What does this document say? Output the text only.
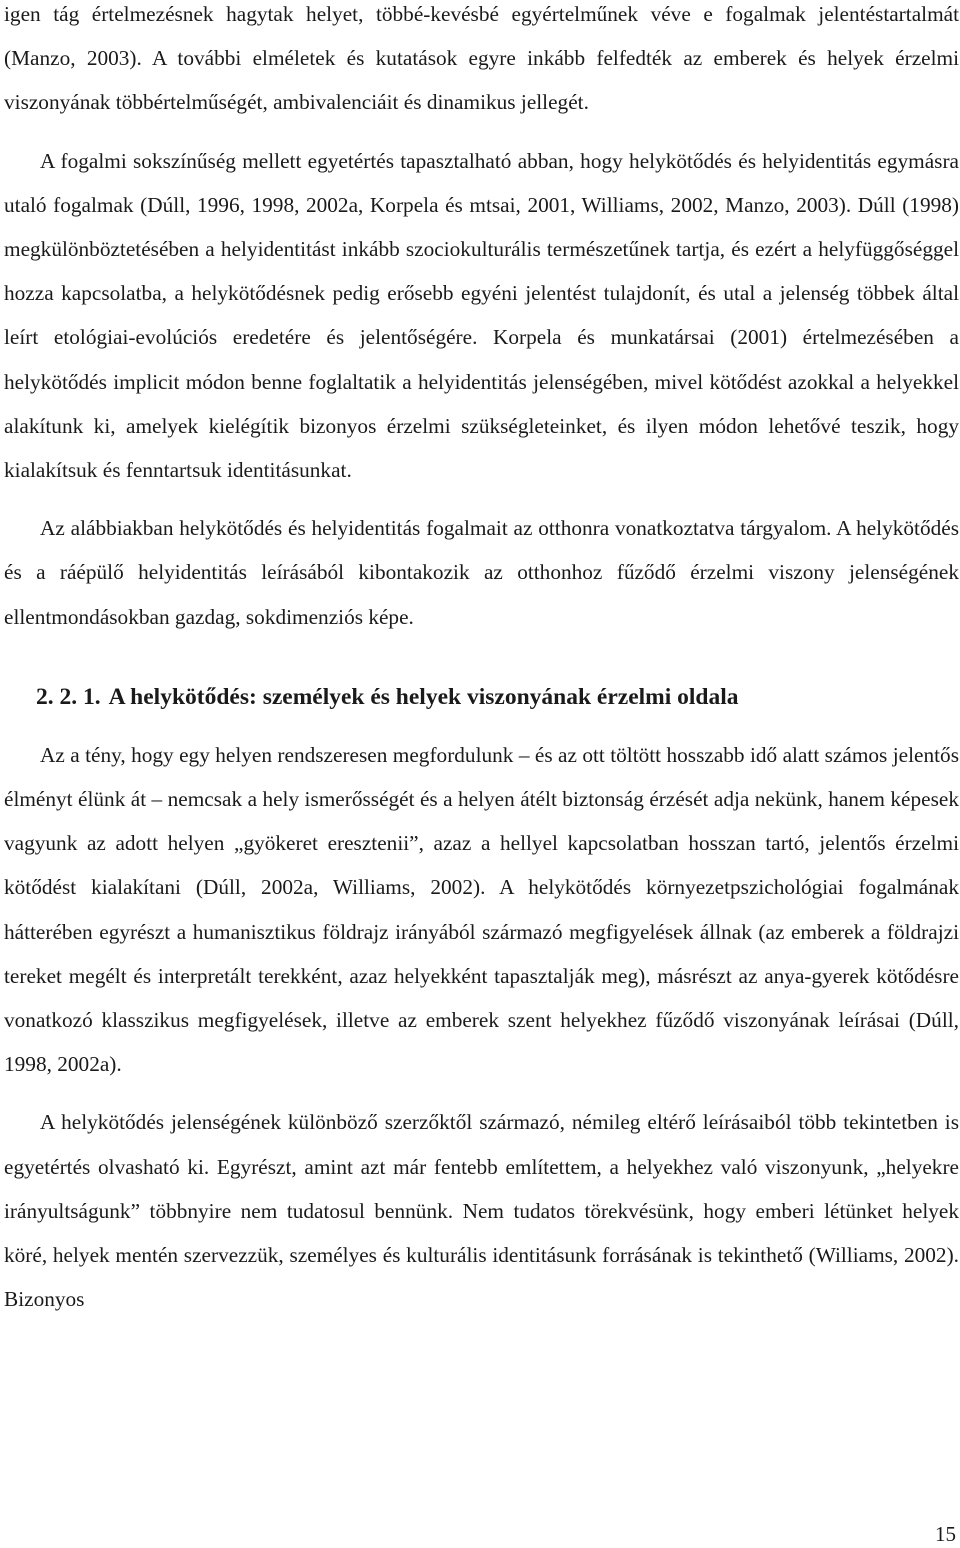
igen tág értelmezésnek hagytak helyet, többé-kevésbé egyértelműnek véve e fogalmak jelentéstartalmát (Manzo, 2003). A további elméletek és kutatások egyre inkább felfedték az emberek és helyek érzelmi viszonyának többértelműségét, ambivalenciáit és dinamikus jellegét.

A fogalmi sokszínűség mellett egyetértés tapasztalható abban, hogy helykötődés és helyidentitás egymásra utaló fogalmak (Dúll, 1996, 1998, 2002a, Korpela és mtsai, 2001, Williams, 2002, Manzo, 2003). Dúll (1998) megkülönböztetésében a helyidentitást inkább szociokulturális természetűnek tartja, és ezért a helyfüggőséggel hozza kapcsolatba, a helykötődésnek pedig erősebb egyéni jelentést tulajdonít, és utal a jelenség többek által leírt etológiai-evolúciós eredetére és jelentőségére. Korpela és munkatársai (2001) értelmezésében a helykötődés implicit módon benne foglaltatik a helyidentitás jelenségében, mivel kötődést azokkal a helyekkel alakítunk ki, amelyek kielégítik bizonyos érzelmi szükségleteinket, és ilyen módon lehetővé teszik, hogy kialakítsuk és fenntartsuk identitásunkat.

Az alábbiakban helykötődés és helyidentitás fogalmait az otthonra vonatkoztatva tárgyalom. A helykötődés és a ráépülő helyidentitás leírásából kibontakozik az otthonhoz fűződő érzelmi viszony jelenségének ellentmondásokban gazdag, sokdimenziós képe.

2. 2. 1. A helykötődés: személyek és helyek viszonyának érzelmi oldala

Az a tény, hogy egy helyen rendszeresen megfordulunk – és az ott töltött hosszabb idő alatt számos jelentős élményt élünk át – nemcsak a hely ismerősségét és a helyen átélt biztonság érzését adja nekünk, hanem képesek vagyunk az adott helyen „gyökeret eresztenii”, azaz a hellyel kapcsolatban hosszan tartó, jelentős érzelmi kötődést kialakítani (Dúll, 2002a, Williams, 2002). A helykötődés környezetpszichológiai fogalmának hátterében egyrészt a humanisztikus földrajz irányából származó megfigyelések állnak (az emberek a földrajzi tereket megélt és interpretált terekként, azaz helyekként tapasztalják meg), másrészt az anya-gyerek kötődésre vonatkozó klasszikus megfigyelések, illetve az emberek szent helyekhez fűződő viszonyának leírásai (Dúll, 1998, 2002a).

A helykötődés jelenségének különböző szerzőktől származó, némileg eltérő leírásaiból több tekintetben is egyetértés olvasható ki. Egyrészt, amint azt már fentebb említettem, a helyekhez való viszonyunk, „helyekre irányultságunk” többnyire nem tudatosul bennünk. Nem tudatos törekvésünk, hogy emberi létünket helyek köré, helyek mentén szervezzük, személyes és kulturális identitásunk forrásának is tekinthető (Williams, 2002). Bizonyos

15
